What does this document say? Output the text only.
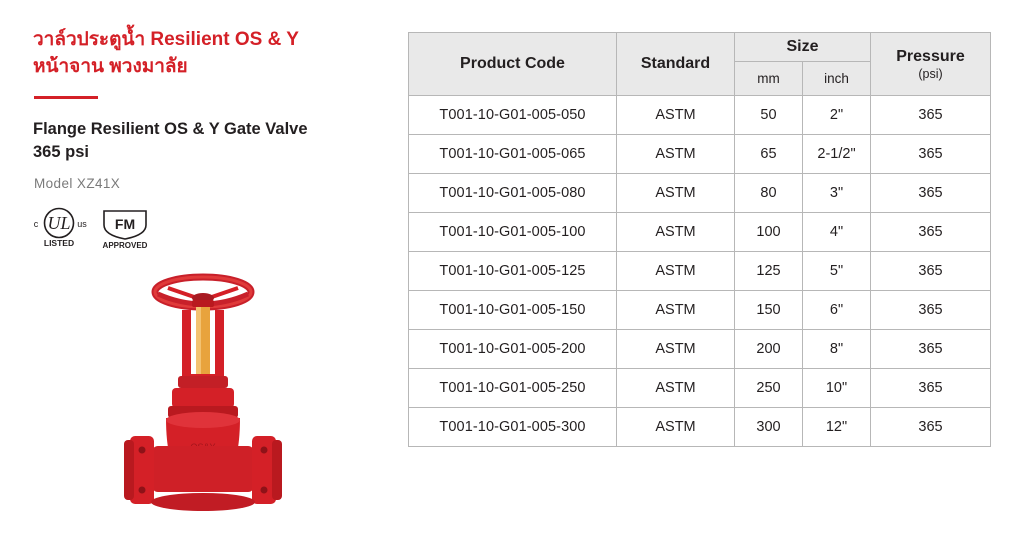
วาล์วประตูน้ำ Resilient OS & Y
หน้าจาน พวงมาลัย
Flange Resilient OS & Y Gate Valve
365 psi
Model XZ41X
UL
c	us
LISTED
FM
APPROVED
Product Code	Standard	Size		Pressure
(psi)

		mm	inch	
T001-10-G01-005-050	ASTM	50	2"	365
T001-10-G01-005-065	ASTM	65	2-1/2"	365
T001-10-G01-005-080	ASTM	80	3"	365
T001-10-G01-005-100	ASTM	100	4"	365
T001-10-G01-005-125	ASTM	125	5"	365
T001-10-G01-005-150	ASTM	150	6"	365
T001-10-G01-005-200	ASTM	200	8"	365
T001-10-G01-005-250	ASTM	250	10"	365
T001-10-G01-005-300	ASTM	300	12"	365
